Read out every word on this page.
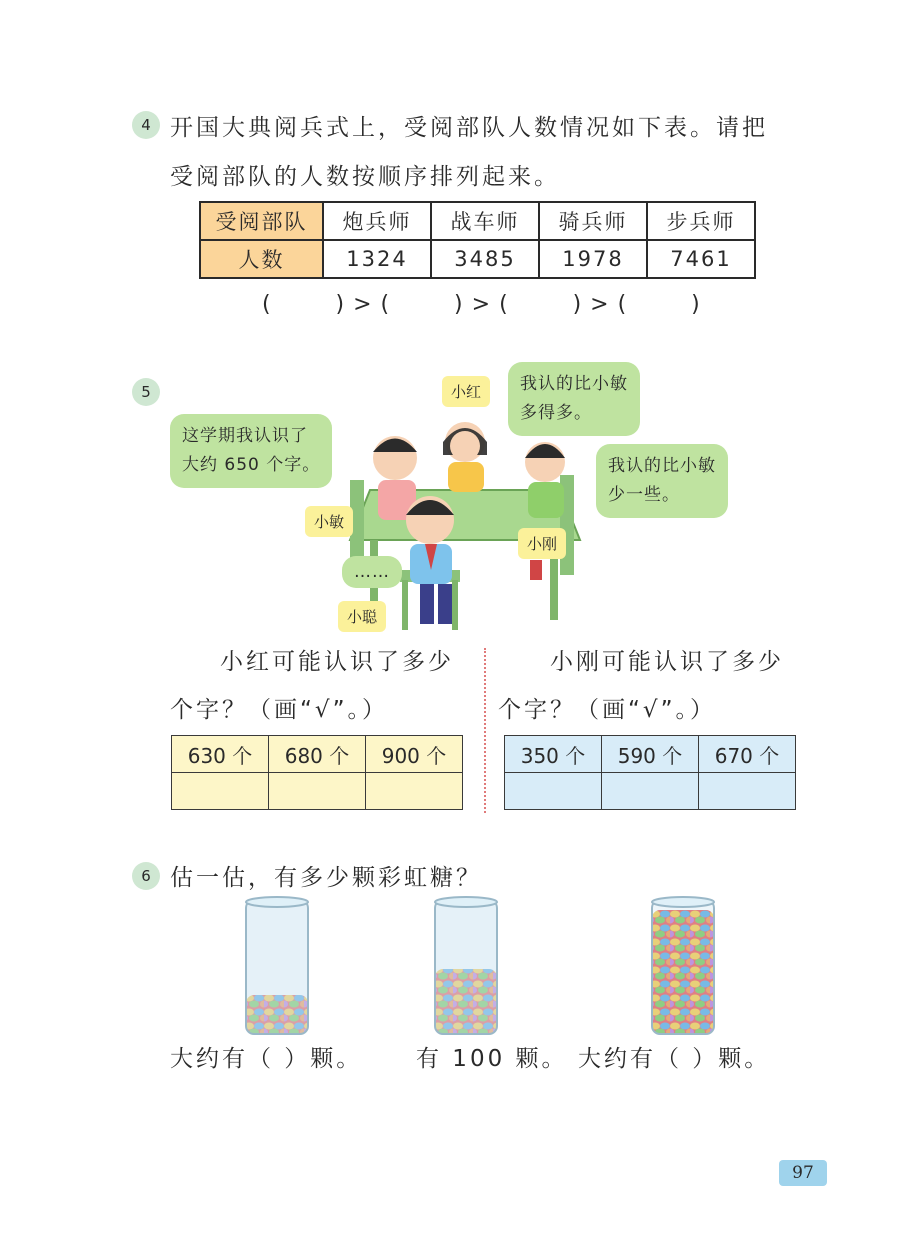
4 开国大典阅兵式上，受阅部队人数情况如下表。请把
受阅部队的人数按顺序排列起来。
受阅部队	炮兵师	战车师	骑兵师	步兵师
人数	1324	3485	1978	7461
(        ) > (        ) > (        ) > (        )
5
这学期我认识了
大约 650 个字。
我认的比小敏
多得多。
我认的比小敏
少一些。
……
小红
小敏
小刚
小聪
小红可能认识了多少
个字？（画“√”。）
630 个	680 个	900 个

小刚可能认识了多少
个字？（画“√”。）
350 个	590 个	670 个

6 估一估，有多少颗彩虹糖？
大约有（ ）颗。 有 100 颗。 大约有（ ）颗。
97
